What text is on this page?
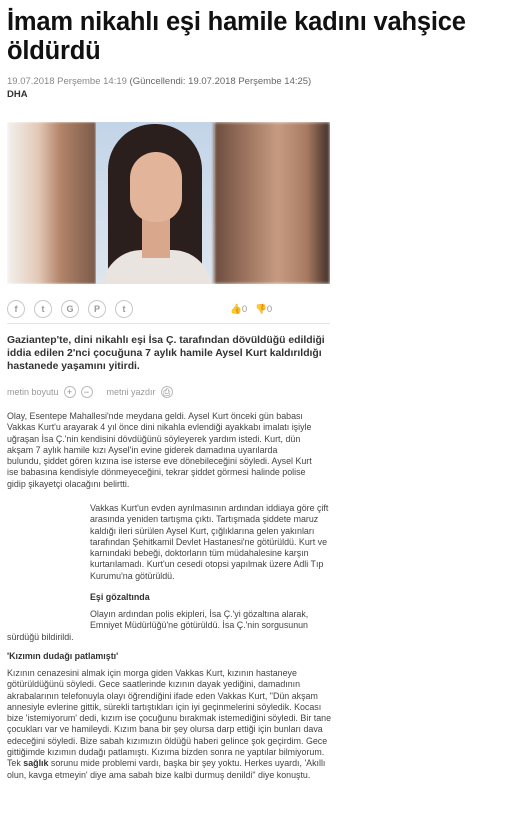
İmam nikahlı eşi hamile kadını vahşice öldürdü
19.07.2018 Perşembe 14:19 (Güncellendi: 19.07.2018 Perşembe 14:25)
DHA
f	t	G	P	t	👍0 👎0

Gaziantep'te, dini nikahlı eşi İsa Ç. tarafından dövüldüğü edildiği iddia edilen 2'nci çocuğuna 7 aylık hamile Aysel Kurt kaldırıldığı hastanede yaşamını yitirdi.

metin boyutu +	−	metni yazdır ⎙

Olay, Esentepe Mahallesi'nde meydana geldi. Aysel Kurt önceki gün babası Vakkas Kurt'u arayarak 4 yıl önce dini nikahla evlendiği ayakkabı imalatı işiyle uğraşan İsa Ç.'nin kendisini dövdüğünü söyleyerek yardım istedi. Kurt, dün akşam 7 aylık hamile kızı Aysel'in evine giderek damadına uyarılarda bulundu, şiddet gören kızına ise isterse eve dönebileceğini söyledi. Aysel Kurt ise babasına kendisiyle dönmeyeceğini, tekrar şiddet görmesi halinde polise gidip şikayetçi olacağını belirtti.

Vakkas Kurt'un evden ayrılmasının ardından iddiaya göre çift arasında yeniden tartışma çıktı. Tartışmada şiddete maruz kaldığı ileri sürülen Aysel Kurt, çığlıklarına gelen yakınları tarafından Şehitkamil Devlet Hastanesi'ne götürüldü. Kurt ve karnındaki bebeği, doktorların tüm müdahalesine karşın kurtarılamadı. Kurt'un cesedi otopsi yapılmak üzere Adli Tıp Kurumu'na götürüldü.

Eşi gözaltında

Olayın ardından polis ekipleri, İsa Ç.'yi gözaltına alarak, Emniyet Müdürlüğü'ne götürüldü. İsa Ç.'nin sorgusunun

sürdüğü bildirildi.

'Kızımın dudağı patlamıştı'

Kızının cenazesini almak için morga giden Vakkas Kurt, kızının hastaneye götürüldüğünü söyledi. Gece saatlerinde kızının dayak yediğini, damadının akrabalarının telefonuyla olayı öğrendiğini ifade eden Vakkas Kurt, "Dün akşam annesiyle evlerine gittik, sürekli tartıştıkları için iyi geçinmelerini söyledik. Kocası bize 'istemiyorum' dedi, kızım ise çocuğunu bırakmak istemediğini söyledi. Bir tane çocukları var ve hamileydi. Kızım bana bir şey olursa darp ettiği için bunları dava edeceğini söyledi. Bize sabah kızımızın öldüğü haberi gelince şok geçirdim. Gece gittiğimde kızımın dudağı patlamıştı. Kızıma bizden sonra ne yaptılar bilmiyorum. Tek sağlık sorunu mide problemi vardı, başka bir şey yoktu. Herkes uyardı, 'Akıllı olun, kavga etmeyin' diye ama sabah bize kalbi durmuş denildi" diye konuştu.
